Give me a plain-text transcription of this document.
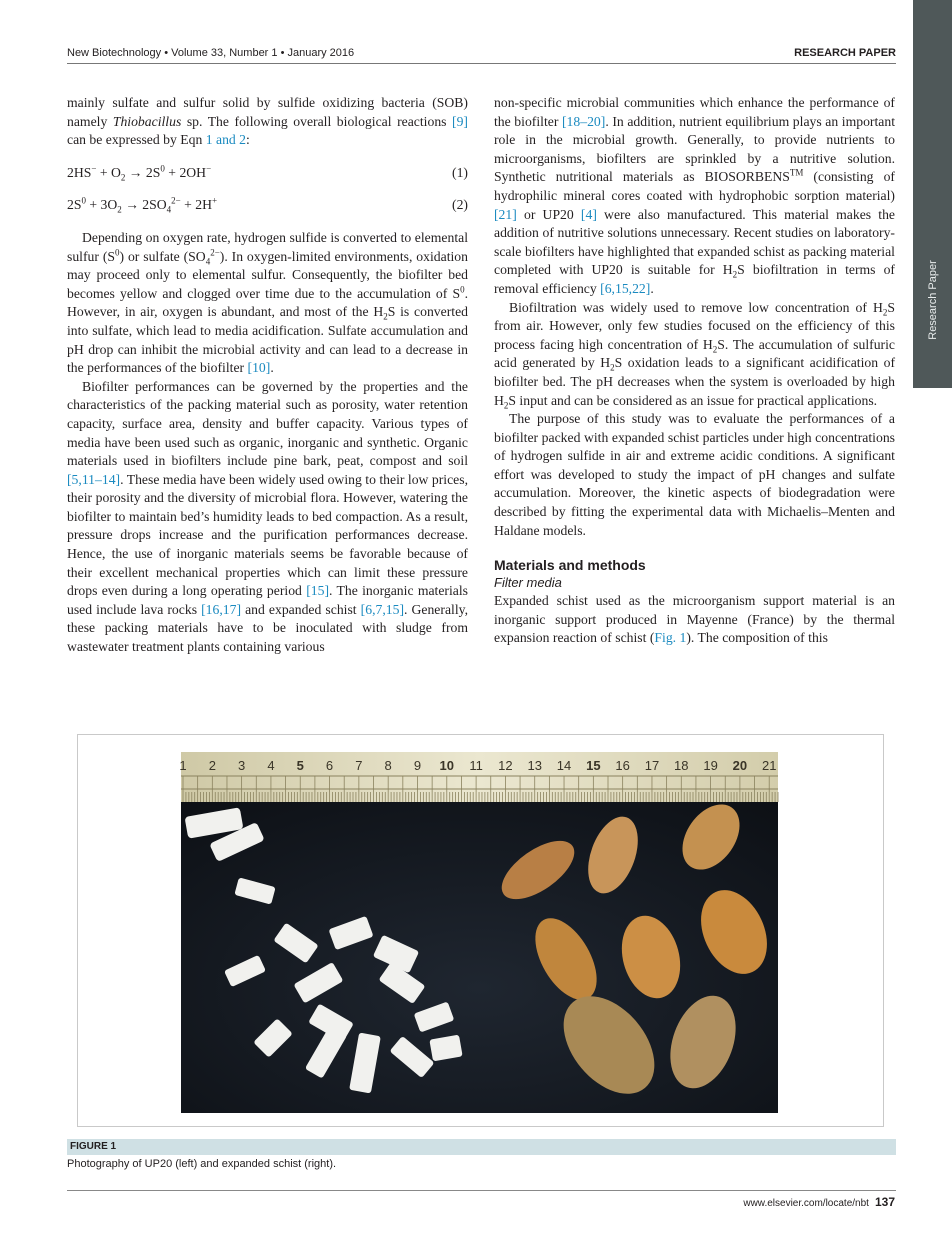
New Biotechnology • Volume 33, Number 1 • January 2016	RESEARCH PAPER
Research Paper

mainly sulfate and sulfur solid by sulfide oxidizing bacteria (SOB) namely Thiobacillus sp. The following overall biological reactions [9] can be expressed by Eqn 1 and 2:

$2HS^- + O_2 \to 2S^0 + 2OH^-$	(1)
$2S^0 + 3O_2 \to 2SO_4^{2-} + 2H^+$	(2)

Depending on oxygen rate, hydrogen sulfide is converted to elemental sulfur $(S^0)$ or sulfate $(SO_4^{2-})$. In oxygen-limited environments, oxidation may proceed only to elemental sulfur. Consequently, the biofilter bed becomes yellow and clogged over time due to the accumulation of $S^0$. However, in air, oxygen is abundant, and most of the $H_2S$ is converted into sulfate, which lead to media acidification. Sulfate accumulation and pH drop can inhibit the microbial activity and can lead to a decrease in the performances of the biofilter [10].

Biofilter performances can be governed by the properties and the characteristics of the packing material such as porosity, water retention capacity, surface area, density and buffer capacity. Various types of media have been used such as organic, inorganic and synthetic. Organic materials used in biofilters include pine bark, peat, compost and soil [5,11–14]. These media have been widely used owing to their low prices, their porosity and the diversity of microbial flora. However, watering the biofilter to maintain bed’s humidity leads to bed compaction. As a result, pressure drops increase and the purification performances decrease. Hence, the use of inorganic materials seems be favorable because of their excellent mechanical properties which can limit these pressure drops even during a long operating period [15]. The inorganic materials used include lava rocks [16,17] and expanded schist [6,7,15]. Generally, these packing materials have to be inoculated with sludge from wastewater treatment plants containing various

non-specific microbial communities which enhance the performance of the biofilter [18–20]. In addition, nutrient equilibrium plays an important role in the microbial growth. Generally, to provide nutrients to microorganisms, biofilters are sprinkled by a nutritive solution. Synthetic nutritional materials as BIOSORBENS™ (consisting of hydrophilic mineral cores coated with hydrophobic sorption material) [21] or UP20 [4] were also manufactured. This material makes the addition of nutritive solutions unnecessary. Recent studies on laboratory-scale biofilters have highlighted that expanded schist as packing material completed with UP20 is suitable for $H_2S$ biofiltration in terms of removal efficiency [6,15,22].

Biofiltration was widely used to remove low concentration of $H_2S$ from air. However, only few studies focused on the efficiency of this process facing high concentration of $H_2S$. The accumulation of sulfuric acid generated by $H_2S$ oxidation leads to a significant acidification of biofilter bed. The pH decreases when the system is overloaded by high $H_2S$ input and can be considered as an issue for practical applications.

The purpose of this study was to evaluate the performances of a biofilter packed with expanded schist particles under high concentrations of hydrogen sulfide in air and extreme acidic conditions. A significant effort was developed to study the impact of pH changes and sulfate accumulation. Moreover, the kinetic aspects of biodegradation were described by fitting the experimental data with Michaelis–Menten and Haldane models.

Materials and methods
Filter media

Expanded schist used as the microorganism support material is an inorganic support produced in Mayenne (France) by the thermal expansion reaction of schist (Fig. 1). The composition of this

1 2 3 4 5 6 7 8 9 10 11 12 13 14 15 16 17 18 19 20 21
FIGURE 1
Photography of UP20 (left) and expanded schist (right).
www.elsevier.com/locate/nbt 137
